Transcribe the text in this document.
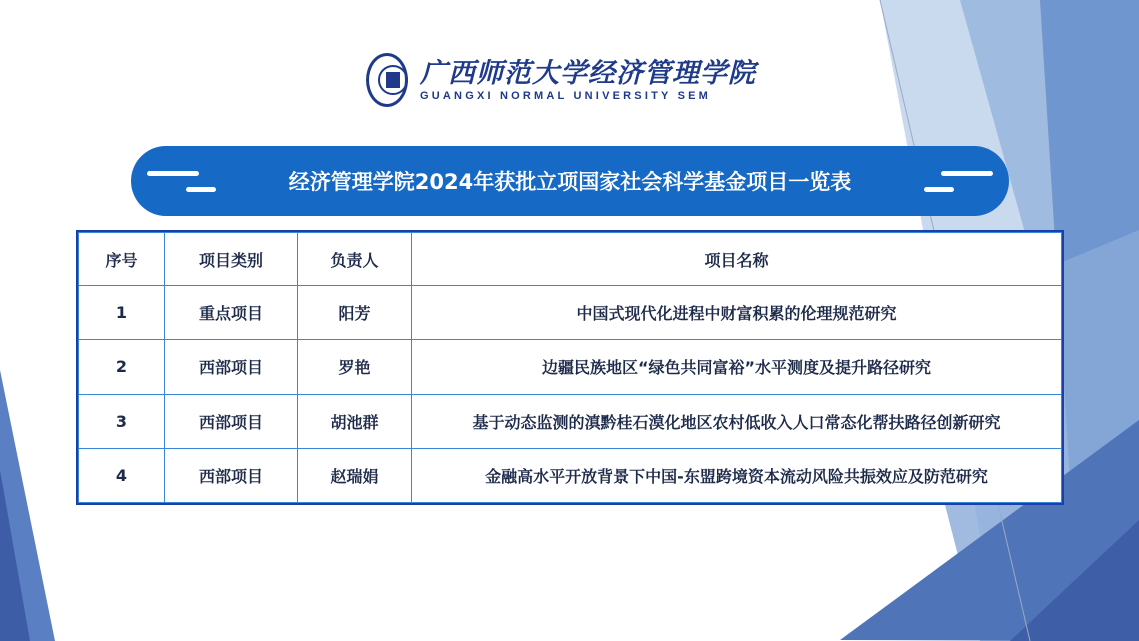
广西师范大学经济管理学院
GUANGXI NORMAL UNIVERSITY SEM
经济管理学院2024年获批立项国家社会科学基金项目一览表
序号	项目类别	负责人	项目名称
1	重点项目	阳芳	中国式现代化进程中财富积累的伦理规范研究
2	西部项目	罗艳	边疆民族地区“绿色共同富裕”水平测度及提升路径研究
3	西部项目	胡池群	基于动态监测的滇黔桂石漠化地区农村低收入人口常态化帮扶路径创新研究
4	西部项目	赵瑞娟	金融高水平开放背景下中国-东盟跨境资本流动风险共振效应及防范研究
